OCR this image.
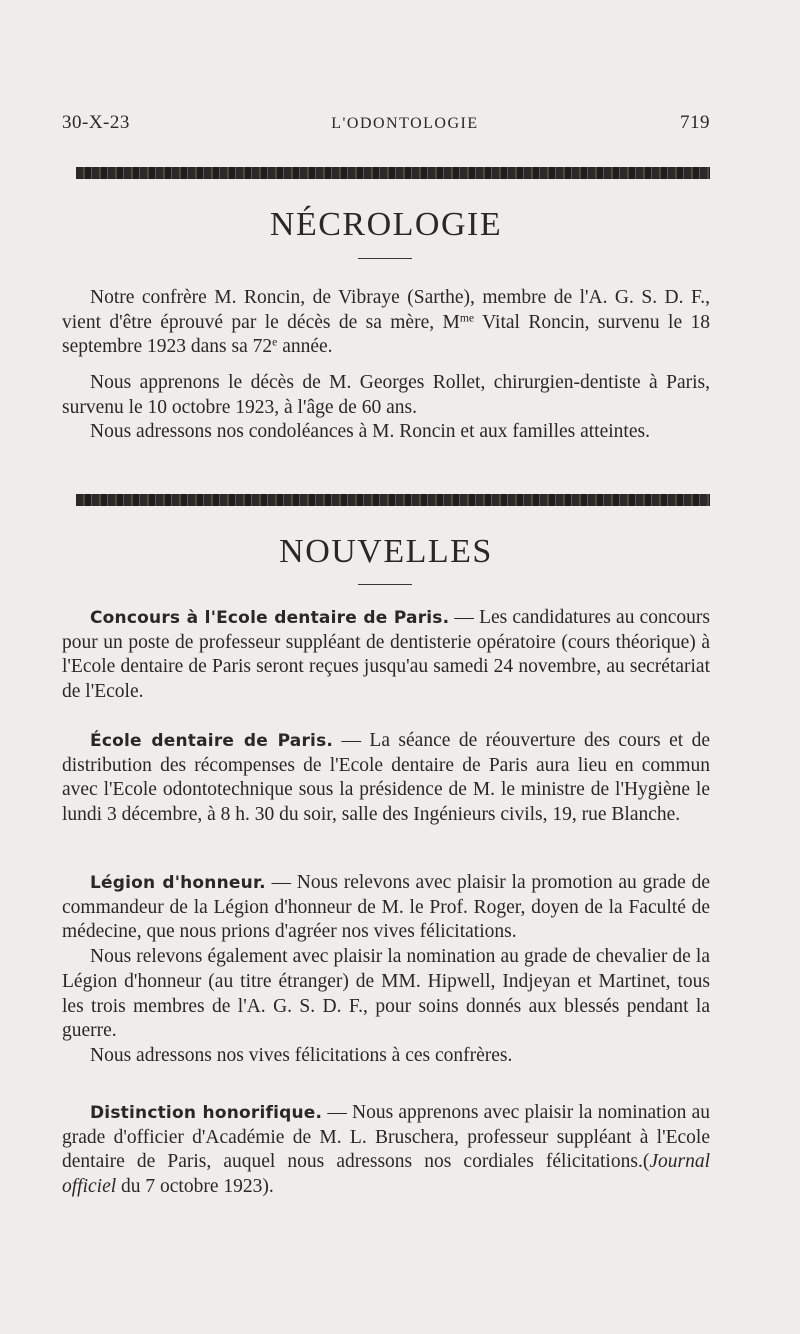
30-X-23	L'ODONTOLOGIE	719
NÉCROLOGIE

Notre confrère M. Roncin, de Vibraye (Sarthe), membre de l'A. G. S. D. F., vient d'être éprouvé par le décès de sa mère, $M^{me}$ Vital Roncin, survenu le 18 septembre 1923 dans sa 72e année.

Nous apprenons le décès de M. Georges Rollet, chirurgien-dentiste à Paris, survenu le 10 octobre 1923, à l'âge de 60 ans.

Nous adressons nos condoléances à M. Roncin et aux familles atteintes.

NOUVELLES

Concours à l'Ecole dentaire de Paris. — Les candidatures au concours pour un poste de professeur suppléant de dentisterie opératoire (cours théorique) à l'Ecole dentaire de Paris seront reçues jusqu'au samedi 24 novembre, au secrétariat de l'Ecole.

École dentaire de Paris. — La séance de réouverture des cours et de distribution des récompenses de l'Ecole dentaire de Paris aura lieu en commun avec l'Ecole odontotechnique sous la présidence de M. le ministre de l'Hygiène le lundi 3 décembre, à 8 h. 30 du soir, salle des Ingénieurs civils, 19, rue Blanche.

Légion d'honneur. — Nous relevons avec plaisir la promotion au grade de commandeur de la Légion d'honneur de M. le Prof. Roger, doyen de la Faculté de médecine, que nous prions d'agréer nos vives félicitations.

Nous relevons également avec plaisir la nomination au grade de chevalier de la Légion d'honneur (au titre étranger) de MM. Hipwell, Indjeyan et Martinet, tous les trois membres de l'A. G. S. D. F., pour soins donnés aux blessés pendant la guerre.

Nous adressons nos vives félicitations à ces confrères.

Distinction honorifique. — Nous apprenons avec plaisir la nomination au grade d'officier d'Académie de M. L. Bruschera, professeur suppléant à l'Ecole dentaire de Paris, auquel nous adressons nos cordiales félicitations.(Journal officiel du 7 octobre 1923).
